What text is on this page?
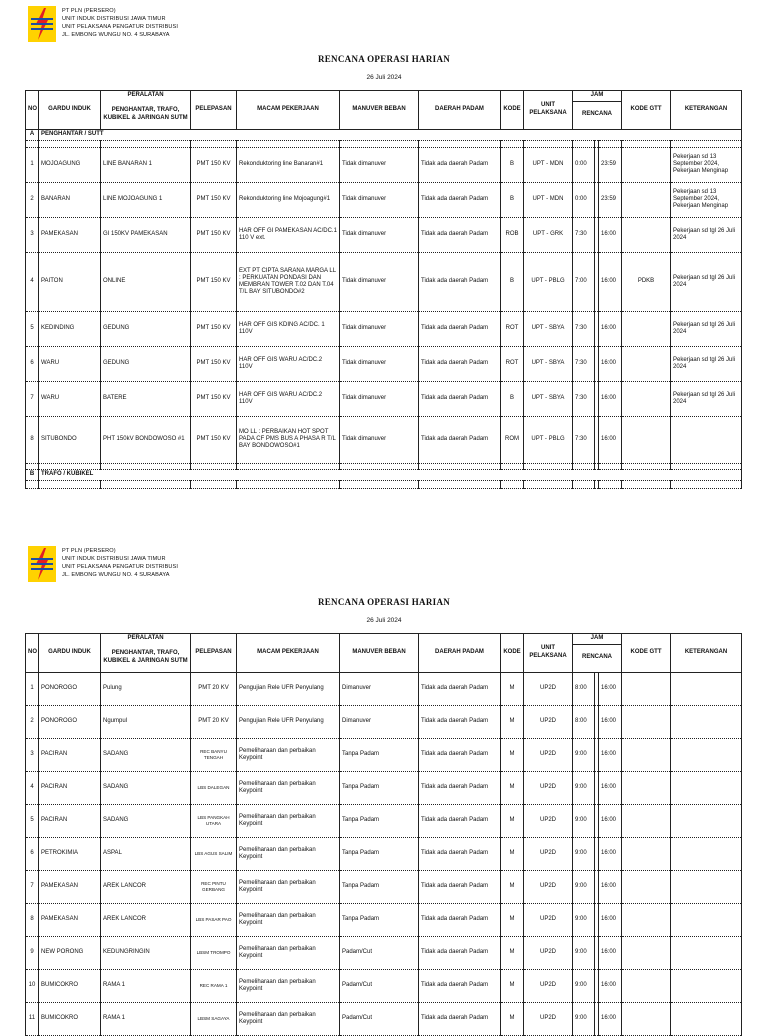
PT PLN (PERSERO)
UNIT INDUK DISTRIBUSI JAWA TIMUR
UNIT PELAKSANA PENGATUR DISTRIBUSI
JL. EMBONG WUNGU NO. 4 SURABAYA
RENCANA OPERASI HARIAN
26 Juli 2024
NO	GARDU INDUK	PERALATAN	PELEPASAN	MACAM PEKERJAAN	MANUVER BEBAN	DAERAH PADAM	KODE	UNIT PELAKSANA	JAM			KODE GTT	KETERANGAN
		PENGHANTAR, TRAFO, KUBIKEL & JARINGAN SUTM							RENCANA				
A	PENGHANTAR / SUTT												

1	MOJOAGUNG	LINE BANARAN 1	PMT 150 KV	Rekonduktoring line Banaran#1	Tidak dimanuver	Tidak ada daerah Padam	B	UPT - MDN	0:00		23:59		Pekerjaan sd 13 September 2024, Pekerjaan Menginap
2	BANARAN	LINE MOJOAGUNG 1	PMT 150 KV	Rekonduktoring line Mojoagung#1	Tidak dimanuver	Tidak ada daerah Padam	B	UPT - MDN	0:00		23:59		Pekerjaan sd 13 September 2024, Pekerjaan Menginap
3	PAMEKASAN	GI 150KV PAMEKASAN	PMT 150 KV	HAR OFF GI PAMEKASAN AC/DC.1 110 V ext.	Tidak dimanuver	Tidak ada daerah Padam	ROB	UPT - GRK	7:30		16:00		Pekerjaan sd tgl 26 Juli 2024
4	PAITON	ONLINE	PMT 150 KV	EXT PT CIPTA SARANA MARGA LL : PERKUATAN PONDASI DAN MEMBRAN TOWER T.02 DAN T.04 T/L BAY SITUBONDO#2	Tidak dimanuver	Tidak ada daerah Padam	B	UPT - PBLG	7:00		16:00	PDKB	Pekerjaan sd tgl 26 Juli 2024
5	KEDINDING	GEDUNG	PMT 150 KV	HAR OFF GIS KDING AC/DC. 1 110V	Tidak dimanuver	Tidak ada daerah Padam	ROT	UPT - SBYA	7:30		16:00		Pekerjaan sd tgl 26 Juli 2024
6	WARU	GEDUNG	PMT 150 KV	HAR OFF GIS WARU AC/DC.2 110V	Tidak dimanuver	Tidak ada daerah Padam	ROT	UPT - SBYA	7:30		16:00		Pekerjaan sd tgl 26 Juli 2024
7	WARU	BATERE	PMT 150 KV	HAR OFF GIS WARU AC/DC.2 110V	Tidak dimanuver	Tidak ada daerah Padam	B	UPT - SBYA	7:30		16:00		Pekerjaan sd tgl 26 Juli 2024
8	SITUBONDO	PHT 150kV BONDOWOSO #1	PMT 150 KV	MO LL : PERBAIKAN HOT SPOT PADA CF PMS BUS A PHASA R T/L BAY BONDOWOSO#1	Tidak dimanuver	Tidak ada daerah Padam	ROM	UPT - PBLG	7:30		16:00		

B	TRAFO / KUBIKEL												

PT PLN (PERSERO)
UNIT INDUK DISTRIBUSI JAWA TIMUR
UNIT PELAKSANA PENGATUR DISTRIBUSI
JL. EMBONG WUNGU NO. 4 SURABAYA
RENCANA OPERASI HARIAN
26 Juli 2024
NO	GARDU INDUK	PERALATAN	PELEPASAN	MACAM PEKERJAAN	MANUVER BEBAN	DAERAH PADAM	KODE	UNIT PELAKSANA	JAM			KODE GTT	KETERANGAN
		PENGHANTAR, TRAFO, KUBIKEL & JARINGAN SUTM							RENCANA				
1	PONOROGO	Pulung	PMT 20 KV	Pengujian Rele UFR Penyulang	Dimanuver	Tidak ada daerah Padam	M	UP2D	8:00		16:00		
2	PONOROGO	Ngumpul	PMT 20 KV	Pengujian Rele UFR Penyulang	Dimanuver	Tidak ada daerah Padam	M	UP2D	8:00		16:00		
3	PACIRAN	SADANG	REC BANYU TENGAH	Pemeliharaan dan perbaikan Keypoint	Tanpa Padam	Tidak ada daerah Padam	M	UP2D	9:00		16:00		
4	PACIRAN	SADANG	LBS DALEGAN	Pemeliharaan dan perbaikan Keypoint	Tanpa Padam	Tidak ada daerah Padam	M	UP2D	9:00		16:00		
5	PACIRAN	SADANG	LBS PANGKAH UTARA	Pemeliharaan dan perbaikan Keypoint	Tanpa Padam	Tidak ada daerah Padam	M	UP2D	9:00		16:00		
6	PETROKIMIA	ASPAL	LBS AGUS SALIM	Pemeliharaan dan perbaikan Keypoint	Tanpa Padam	Tidak ada daerah Padam	M	UP2D	9:00		16:00		
7	PAMEKASAN	AREK LANCOR	REC PINTU GERBANG	Pemeliharaan dan perbaikan Keypoint	Tanpa Padam	Tidak ada daerah Padam	M	UP2D	9:00		16:00		
8	PAMEKASAN	AREK LANCOR	LBS PASAR PAO	Pemeliharaan dan perbaikan Keypoint	Tanpa Padam	Tidak ada daerah Padam	M	UP2D	9:00		16:00		
9	NEW PORONG	KEDUNGRINGIN	LBSM TROMPO	Pemeliharaan dan perbaikan Keypoint	Padam/Cut	Tidak ada daerah Padam	M	UP2D	9:00		16:00		
10	BUMICOKRO	RAMA 1	REC RAMA 1	Pemeliharaan dan perbaikan Keypoint	Padam/Cut	Tidak ada daerah Padam	M	UP2D	9:00		16:00		
11	BUMICOKRO	RAMA 1	LBSM SAGAYA	Pemeliharaan dan perbaikan Keypoint	Padam/Cut	Tidak ada daerah Padam	M	UP2D	9:00		16:00		
